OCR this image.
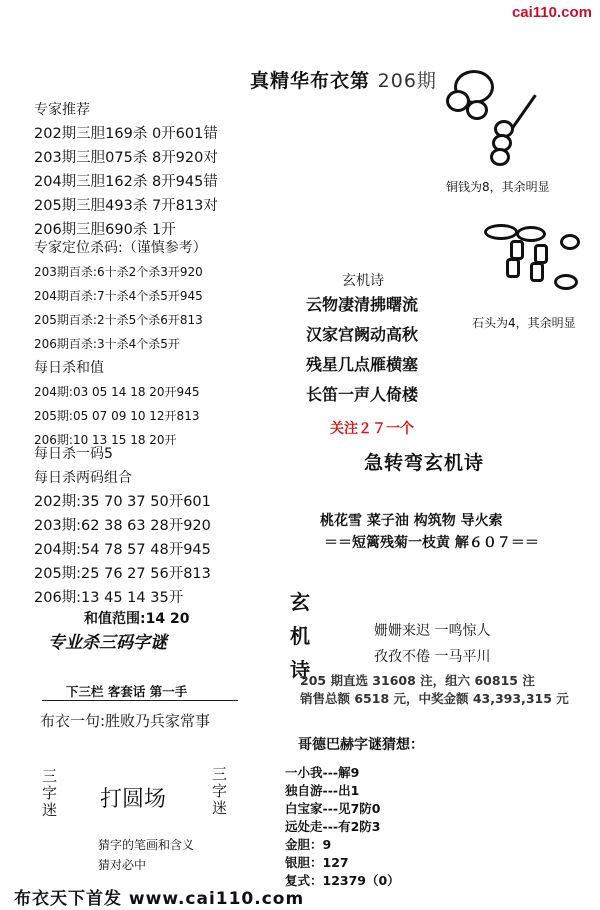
cai110.com
真精华布衣第 206期
专家推荐
202期三胆169杀 0开601错
203期三胆075杀 8开920对
204期三胆162杀 8开945错
205期三胆493杀 7开813对
206期三胆690杀 1开
专家定位杀码:（谨慎参考）
203期百杀:6十杀2个杀3开920
204期百杀:7十杀4个杀5开945
205期百杀:2十杀5个杀6开813
206期百杀:3十杀4个杀5开
每日杀和值
204期:03 05 14 18 20开945
205期:05 07 09 10 12开813
206期:10 13 15 18 20开
每日杀一码5
每日杀两码组合
202期:35 70 37 50开601
203期:62 38 63 28开920
204期:54 78 57 48开945
205期:25 76 27 56开813
206期:13 45 14 35开
和值范围:14 20
专业杀三码字谜
下三栏 客套话 第一手
布衣一句:胜败乃兵家常事
三字迷 打圆场
三字迷
猜字的笔画和含义
猜对必中
铜钱为8，其余明显
石头为4，其余明显
玄机诗
云物凄清拂曙流
汉家宫阙动高秋
残星几点雁横塞
长笛一声人倚楼
关注２７一个
急转弯玄机诗
桃花雪 菜子油 构筑物 导火索
＝＝短篱残菊一枝黄 解６０７＝＝
玄
机
诗
姗姗来迟 一鸣惊人
孜孜不倦 一马平川
205 期直选 31608 注，组六 60815 注
销售总额 6518 元，中奖金额 43,393,315 元
哥德巴赫字谜猜想：
一小我---解9
独自游---出1
白宝家---见7防0
远处走---有2防3
金胆：9
银胆：127
复式：12379（0）
布衣天下首发 www.cai110.com
